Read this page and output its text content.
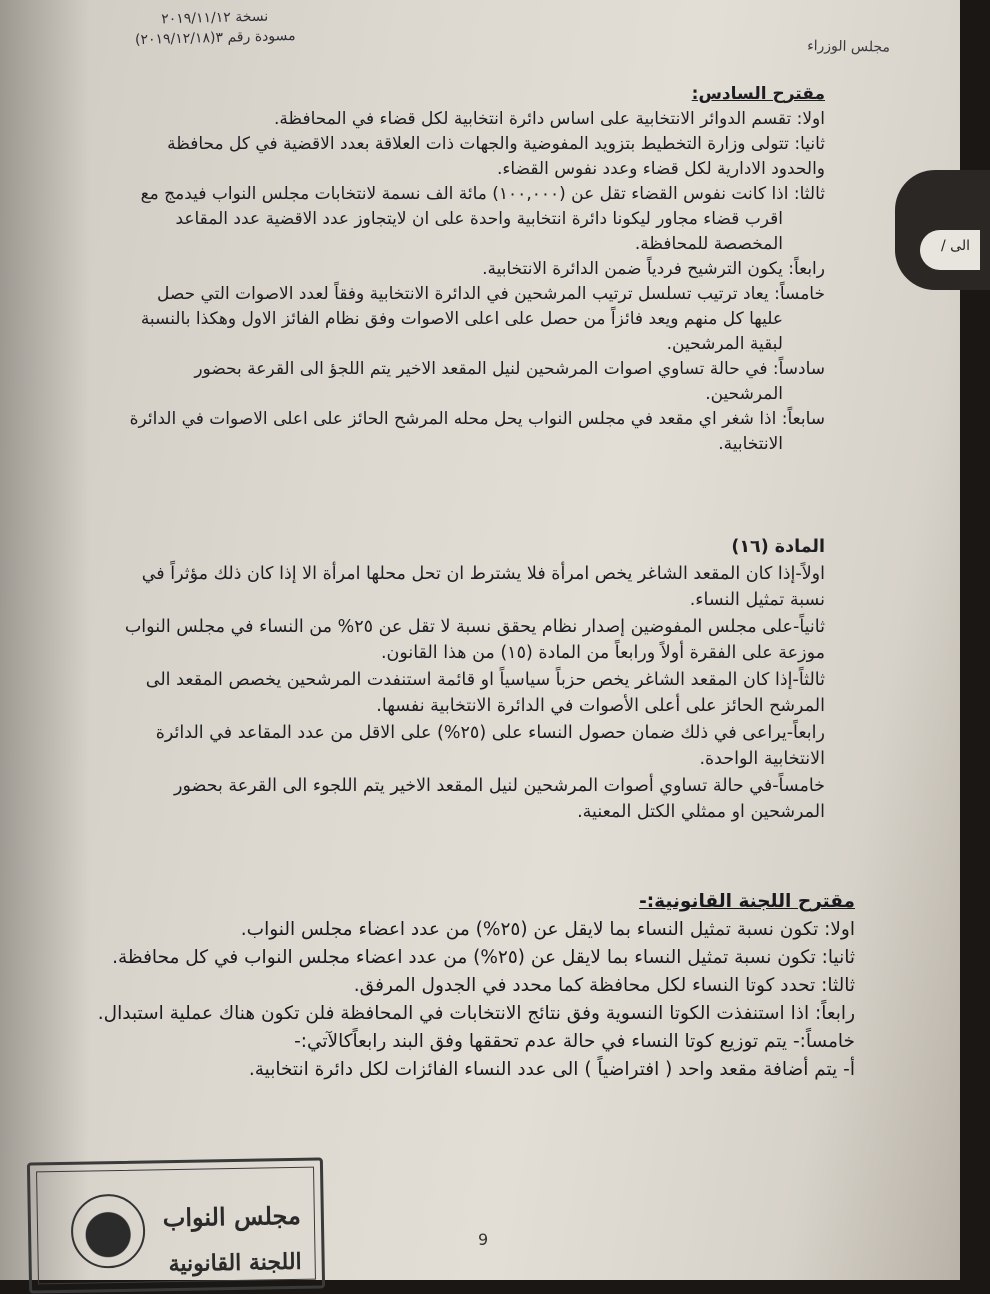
الى /
نسخة ٢٠١٩/١١/١٢
مسودة رقم ٣(٢٠١٩/١٢/١٨)
مجلس الوزراء
مقترح السادس:

اولا: تقسم الدوائر الانتخابية على اساس دائرة انتخابية لكل قضاء في المحافظة.

ثانيا: تتولى وزارة التخطيط بتزويد المفوضية والجهات ذات العلاقة بعدد الاقضية في كل محافظة

والحدود الادارية لكل قضاء وعدد نفوس القضاء.

ثالثا: اذا كانت نفوس القضاء تقل عن (١٠٠,٠٠٠) مائة الف نسمة لانتخابات مجلس النواب فيدمج مع

اقرب قضاء مجاور ليكونا دائرة انتخابية واحدة على ان لايتجاوز عدد الاقضية عدد المقاعد

المخصصة للمحافظة.

رابعاً: يكون الترشيح فردياً ضمن الدائرة الانتخابية.

خامساً: يعاد ترتيب تسلسل ترتيب المرشحين في الدائرة الانتخابية وفقاً لعدد الاصوات التي حصل

عليها كل منهم ويعد فائزاً من حصل على اعلى الاصوات وفق نظام الفائز الاول وهكذا بالنسبة

لبقية المرشحين.

سادساً: في حالة تساوي اصوات المرشحين لنيل المقعد الاخير يتم اللجؤ الى القرعة بحضور

المرشحين.

سابعاً: اذا شغر اي مقعد في مجلس النواب يحل محله المرشح الحائز على اعلى الاصوات في الدائرة

الانتخابية.

المادة (١٦)

اولاً-إذا كان المقعد الشاغر يخص امرأة فلا يشترط ان تحل محلها امرأة الا إذا كان ذلك مؤثراً في

نسبة تمثيل النساء.

ثانياً-على مجلس المفوضين إصدار نظام يحقق نسبة لا تقل عن ٢٥% من النساء في مجلس النواب

موزعة على الفقرة أولاً ورابعاً من المادة (١٥) من هذا القانون.

ثالثاً-إذا كان المقعد الشاغر يخص حزباً سياسياً او قائمة استنفدت المرشحين يخصص المقعد الى

المرشح الحائز على أعلى الأصوات في الدائرة الانتخابية نفسها.

رابعاً-يراعى في ذلك ضمان حصول النساء على (٢٥%) على الاقل من عدد المقاعد في الدائرة

الانتخابية الواحدة.

خامساً-في حالة تساوي أصوات المرشحين لنيل المقعد الاخير يتم اللجوء الى القرعة بحضور

المرشحين او ممثلي الكتل المعنية.

مقترح اللجنة القانونية:-

اولا: تكون نسبة تمثيل النساء بما لايقل عن (٢٥%) من عدد اعضاء مجلس النواب.

ثانيا: تكون نسبة تمثيل النساء بما لايقل عن (٢٥%) من عدد اعضاء مجلس النواب في كل محافظة.

ثالثا: تحدد كوتا النساء لكل محافظة كما محدد في الجدول المرفق.

رابعاً: اذا استنفذت الكوتا النسوية وفق نتائج الانتخابات في المحافظة فلن تكون هناك عملية استبدال.

خامساً:- يتم توزيع كوتا النساء في حالة عدم تحققها وفق البند رابعاًكالآتي:-

أ- يتم أضافة مقعد واحد ( افتراضياً ) الى عدد النساء الفائزات لكل دائرة انتخابية.

مجلس النواب
اللجنة القانونية
9
